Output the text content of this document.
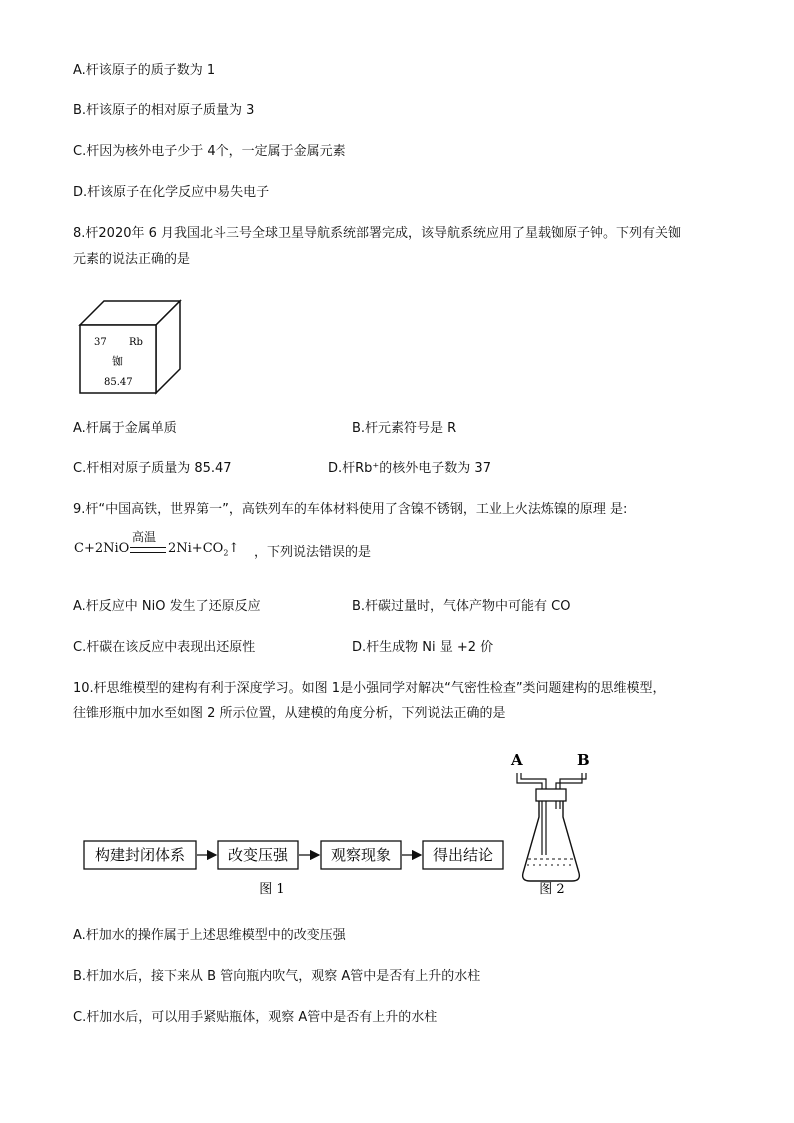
A.杆该原子的质子数为 1
B.杆该原子的相对原子质量为 3
C.杆因为核外电子少于 4个，一定属于金属元素
D.杆该原子在化学反应中易失电子
8.杆2020年 6 月我国北斗三号全球卫星导航系统部署完成，该导航系统应用了星载铷原子钟。下列有关铷
元素的说法正确的是
37 Rb
铷
85.47
A.杆属于金属单质	B.杆元素符号是 R
C.杆相对原子质量为 85.47	D.杆Rb⁺的核外电子数为 37
9.杆“中国高铁，世界第一”，高铁列车的车体材料使用了含镍不锈钢，工业上火法炼镍的原理 是:
C+2NiO
高温
$2Ni+CO_2↑$ ，下列说法错误的是
A.杆反应中 NiO 发生了还原反应	B.杆碳过量时，气体产物中可能有 CO
C.杆碳在该反应中表现出还原性	D.杆生成物 Ni 显 +2 价
10.杆思维模型的建构有利于深度学习。如图 1是小强同学对解决“气密性检查”类问题建构的思维模型，
往锥形瓶中加水至如图 2 所示位置，从建模的角度分析，下列说法正确的是
构建封闭体系	改变压强	观察现象	得出结论
图 1
A	B
图 2
A.杆加水的操作属于上述思维模型中的改变压强
B.杆加水后，接下来从 B 管向瓶内吹气，观察 A管中是否有上升的水柱
C.杆加水后，可以用手紧贴瓶体，观察 A管中是否有上升的水柱
